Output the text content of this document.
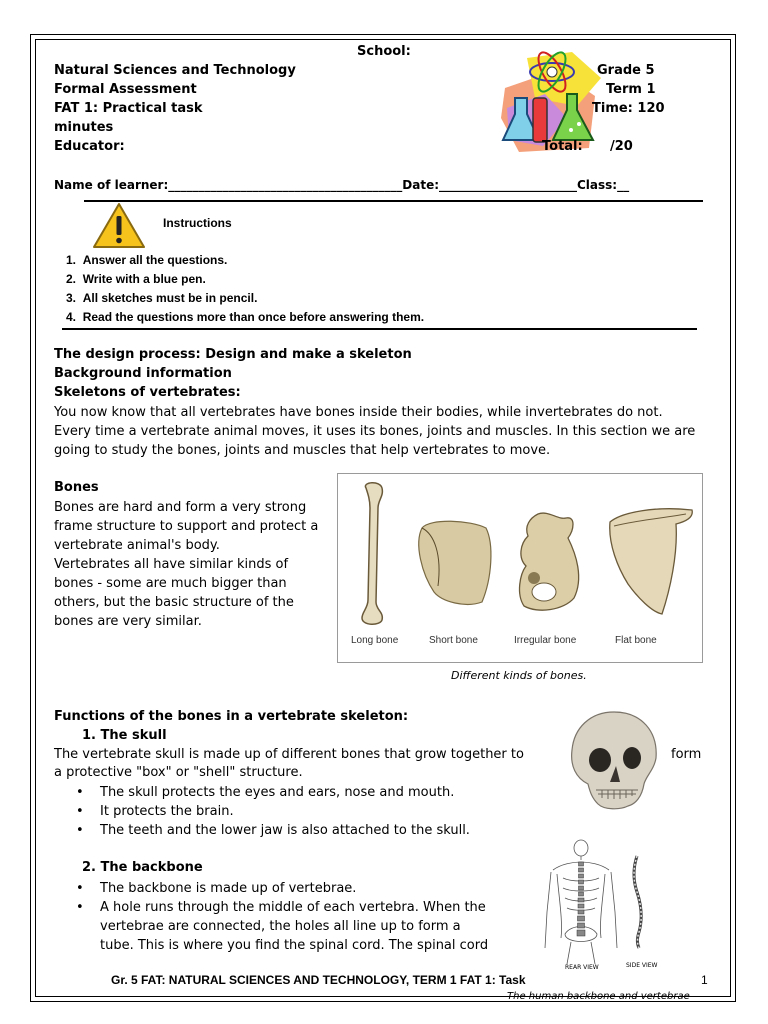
School:
Natural Sciences and Technology
Formal Assessment
FAT 1: Practical task
minutes
Educator:
Grade 5
Term 1
Time: 120
Total: /20
Name of learner:_______________________________________Date:_______________________Class:__
Instructions
1.  Answer all the questions.
2.  Write with a blue pen.
3.  All sketches must be in pencil.
4.  Read the questions more than once before answering them.
The design process: Design and make a skeleton
Background information
Skeletons of vertebrates:
You now know that all vertebrates have bones inside their bodies, while invertebrates do not.
Every time a vertebrate animal moves, it uses its bones, joints and muscles. In this section we are
going to study the bones, joints and muscles that help vertebrates to move.
Bones
Bones are hard and form a very strong
frame structure to support and protect a
vertebrate animal's body.
Vertebrates all have similar kinds of
bones - some are much bigger than
others, but the basic structure of the
bones are very similar.
Long bone	Short bone	Irregular bone	Flat bone
Different kinds of bones.
Functions of the bones in a vertebrate skeleton:
1. The skull
The vertebrate skull is made up of different bones that grow together to	form
a protective "box" or "shell" structure.
• The skull protects the eyes and ears, nose and mouth.
• It protects the brain.
• The teeth and the lower jaw is also attached to the skull.
2. The backbone
• The backbone is made up of vertebrae.
• A hole runs through the middle of each vertebra. When the
vertebrae are connected, the holes all line up to form a
tube. This is where you find the spinal cord. The spinal cord
REAR VIEW	SIDE VIEW
Gr. 5 FAT: NATURAL SCIENCES AND TECHNOLOGY, TERM 1 FAT 1: Task	1
The human backbone and vertebrae
